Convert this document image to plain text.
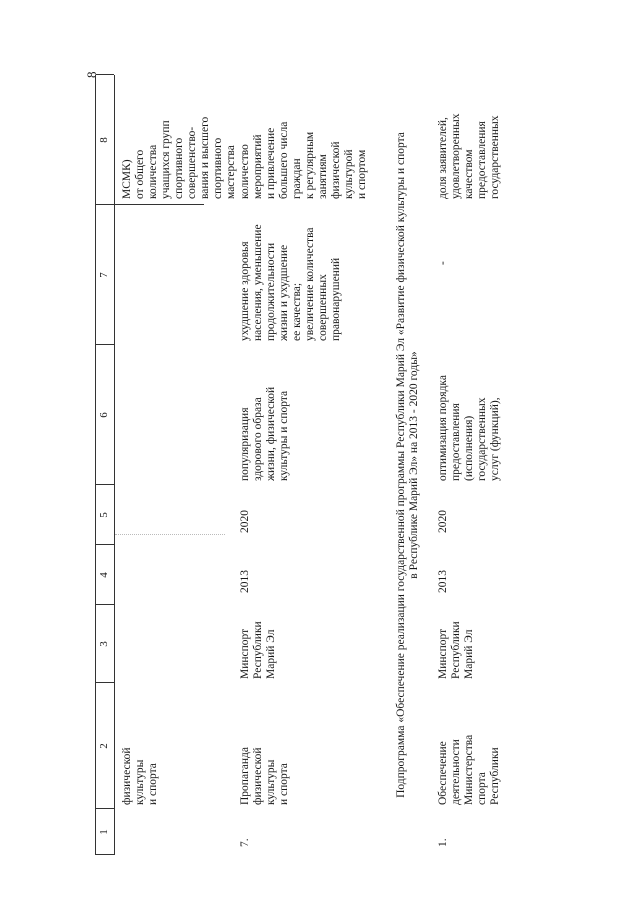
8
1
2
3
4
5
6
7
8
физической
культуры
и спорта
МСМК)
от общего
количества
учащихся групп
спортивного
совершенство-
вания и высшего
спортивного
мастерства
7.
Пропаганда
физической
культуры
и спорта
Минспорт
Республики
Марий Эл
2013
2020
популяризация
здорового образа
жизни, физической
культуры и спорта
ухудшение здоровья
населения, уменьшение
продолжительности
жизни и ухудшение
ее качества;
увеличение количества
совершенных
правонарушений
количество
мероприятий
и привлечение
большего числа
граждан
к регулярным
занятиям
физической
культурой
и спортом
Подпрограмма «Обеспечение реализации государственной программы Республики Марий Эл «Развитие физической культуры и спорта
в Республике Марий Эл» на 2013 - 2020 годы»
1.
Обеспечение
деятельности
Министерства
спорта
Республики
Минспорт
Республики
Марий Эл
2013
2020
оптимизация порядка
предоставления
(исполнения)
государственных
услуг (функций),
-
доля заявителей,
удовлетворенных
качеством
предоставления
государственных
